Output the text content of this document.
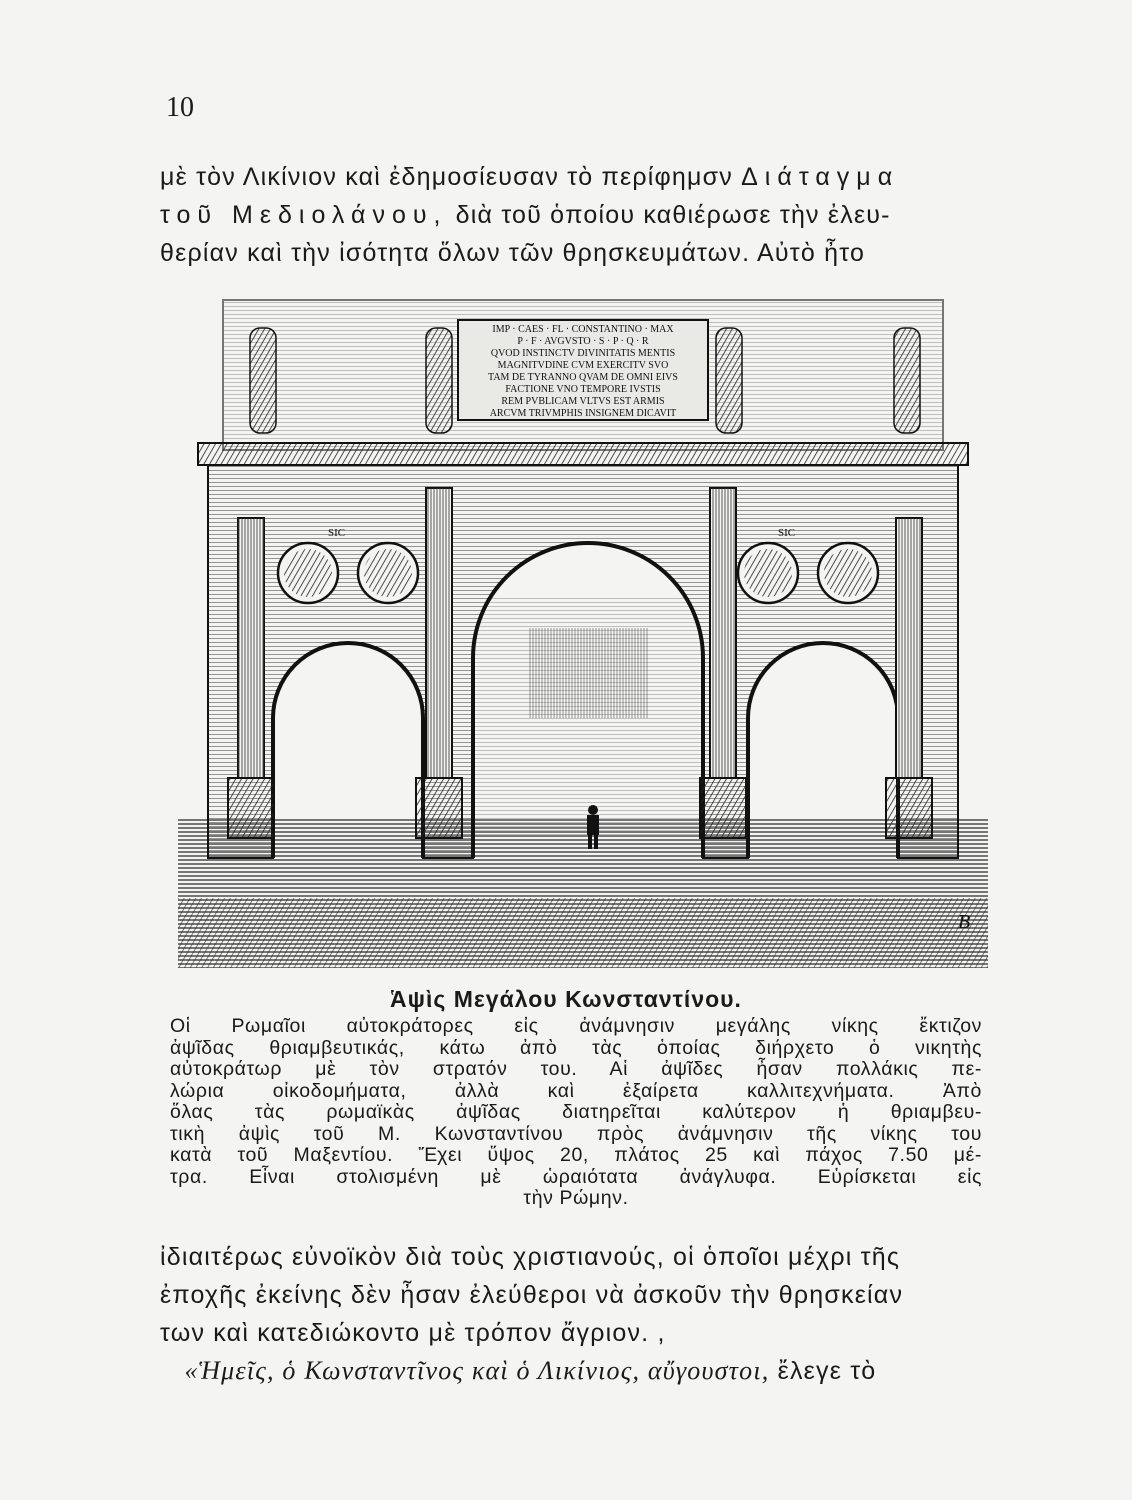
10
μὲ τὸν Λικίνιον καὶ ἐδημοσίευσαν τὸ περίφημσν Διάταγμα
τοῦ Μεδιολάνου, διὰ τοῦ ὁποίου καθιέρωσε τὴν ἐλευ-
θερίαν καὶ τὴν ἰσότητα ὅλων τῶν θρησκευμάτων. Αὐτὸ ἦτο
SIC	SIC
IMP · CAES · FL · CONSTANTINO · MAX
P · F · AVGVSTO · S · P · Q · R
QVOD INSTINCTV DIVINITATIS MENTIS
MAGNITVDINE CVM EXERCITV SVO
TAM DE TYRANNO QVAM DE OMNI EIVS
FACTIONE VNO TEMPORE IVSTIS
REM PVBLICAM VLTVS EST ARMIS
ARCVM TRIVMPHIS INSIGNEM DICAVIT
B
Ἁψὶς Μεγάλου Κωνσταντίνου.
Οἱ Ρωμαῖοι αὐτοκράτορες εἰς ἀνάμνησιν μεγάλης νίκης ἔκτιζον
ἀψῖδας θριαμβευτικάς, κάτω ἀπὸ τὰς ὁποίας διήρχετο ὁ νικητὴς
αὐτοκράτωρ μὲ τὸν στρατόν του. Αἱ ἀψῖδες ἦσαν πολλάκις πε-
λώρια οἰκοδομήματα, ἀλλὰ καὶ ἐξαίρετα καλλιτεχνήματα. Ἀπὸ
ὅλας τὰς ρωμαϊκὰς ἀψῖδας διατηρεῖται καλύτερον ἡ θριαμβευ-
τικὴ ἀψὶς τοῦ Μ. Κωνσταντίνου πρὸς ἀνάμνησιν τῆς νίκης του
κατὰ τοῦ Μαξεντίου. Ἔχει ὕψος 20, πλάτος 25 καὶ πάχος 7.50 μέ-
τρα. Εἶναι στολισμένη μὲ ὡραιότατα ἀνάγλυφα. Εὑρίσκεται εἰς
τὴν Ρώμην.
ἰδιαιτέρως εὐνοϊκὸν διὰ τοὺς χριστιανούς, οἱ ὁποῖοι μέχρι τῆς
ἐποχῆς ἐκείνης δὲν ἦσαν ἐλεύθεροι νὰ ἀσκοῦν τὴν θρησκείαν
των καὶ κατεδιώκοντο μὲ τρόπον ἄγριον. ,
«Ἡμεῖς, ὁ Κωνσταντῖνος καὶ ὁ Λικίνιος, αὔγουστοι, ἔλεγε τὸ
